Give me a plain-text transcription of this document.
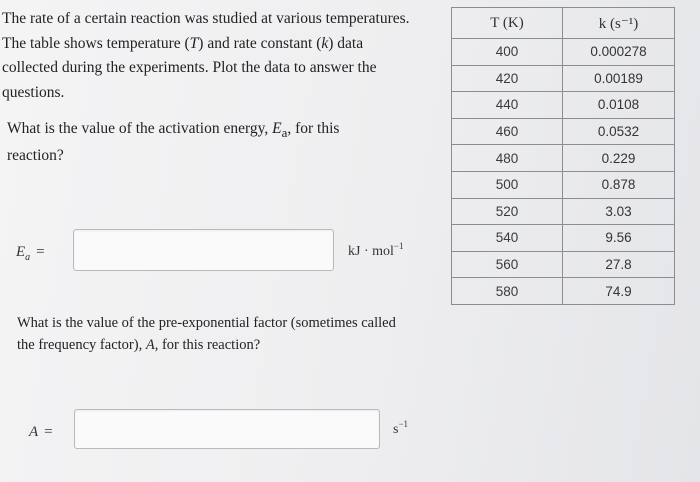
The rate of a certain reaction was studied at various temperatures. The table shows temperature (T) and rate constant (k) data collected during the experiments. Plot the data to answer the questions.

What is the value of the activation energy, $E_a$, for this reaction?

$E_a$ =	kJ · mol$^{-1}$

What is the value of the pre-exponential factor (sometimes called the frequency factor), A, for this reaction?

A =	$s^{-1}$
T (K)	k (s⁻¹)
400	0.000278
420	0.00189
440	0.0108
460	0.0532
480	0.229
500	0.878
520	3.03
540	9.56
560	27.8
580	74.9
